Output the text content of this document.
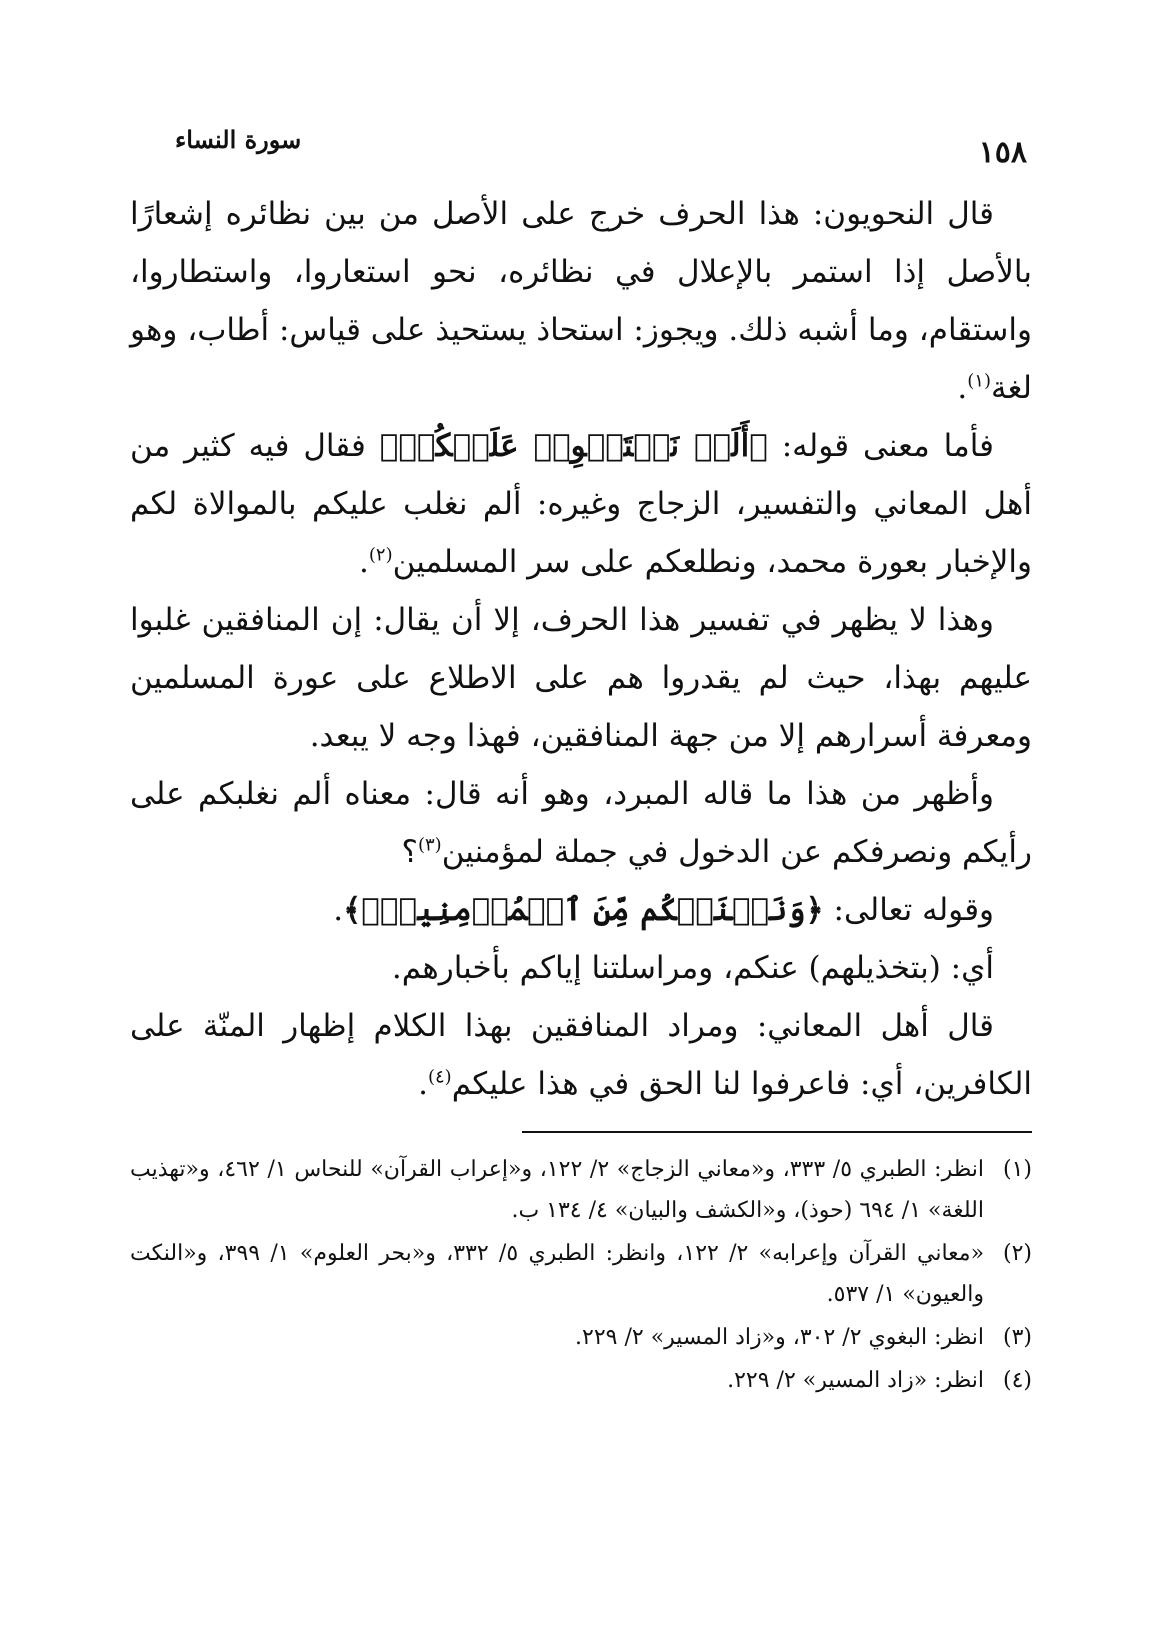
١٥٨
سورة النساء

قال النحويون: هذا الحرف خرج على الأصل من بين نظائره إشعارًا بالأصل إذا استمر بالإعلال في نظائره، نحو استعاروا، واستطاروا، واستقام، وما أشبه ذلك. ويجوز: استحاذ يستحيذ على قياس: أطاب، وهو لغة$^{(١)}$.

فأما معنى قوله: ﴿أَلَمۡ نَسۡتَحۡوِذۡ عَلَيۡكُمۡ﴾ فقال فيه كثير من أهل المعاني والتفسير، الزجاج وغيره: ألم نغلب عليكم بالموالاة لكم والإخبار بعورة محمد، ونطلعكم على سر المسلمين$^{(٢)}$.

وهذا لا يظهر في تفسير هذا الحرف، إلا أن يقال: إن المنافقين غلبوا عليهم بهذا، حيث لم يقدروا هم على الاطلاع على عورة المسلمين ومعرفة أسرارهم إلا من جهة المنافقين، فهذا وجه لا يبعد.

وأظهر من هذا ما قاله المبرد، وهو أنه قال: معناه ألم نغلبكم على رأيكم ونصرفكم عن الدخول في جملة لمؤمنين$^{(٣)}$؟

وقوله تعالى: ﴿وَنَمۡنَعۡكُم مِّنَ ٱلۡمُؤۡمِنِينَۚ﴾.

أي: (بتخذيلهم) عنكم، ومراسلتنا إياكم بأخبارهم.

قال أهل المعاني: ومراد المنافقين بهذا الكلام إظهار المنّة على الكافرين، أي: فاعرفوا لنا الحق في هذا عليكم$^{(٤)}$.

(١)
انظر: الطبري ٥/ ٣٣٣، و«معاني الزجاج» ٢/ ١٢٢، و«إعراب القرآن» للنحاس ١/ ٤٦٢، و«تهذيب اللغة» ١/ ٦٩٤ (حوذ)، و«الكشف والبيان» ٤/ ١٣٤ ب.

(٢)
«معاني القرآن وإعرابه» ٢/ ١٢٢، وانظر: الطبري ٥/ ٣٣٢، و«بحر العلوم» ١/ ٣٩٩، و«النكت والعيون» ١/ ٥٣٧.

(٣)
انظر: البغوي ٢/ ٣٠٢، و«زاد المسير» ٢/ ٢٢٩.

(٤)
انظر: «زاد المسير» ٢/ ٢٢٩.
